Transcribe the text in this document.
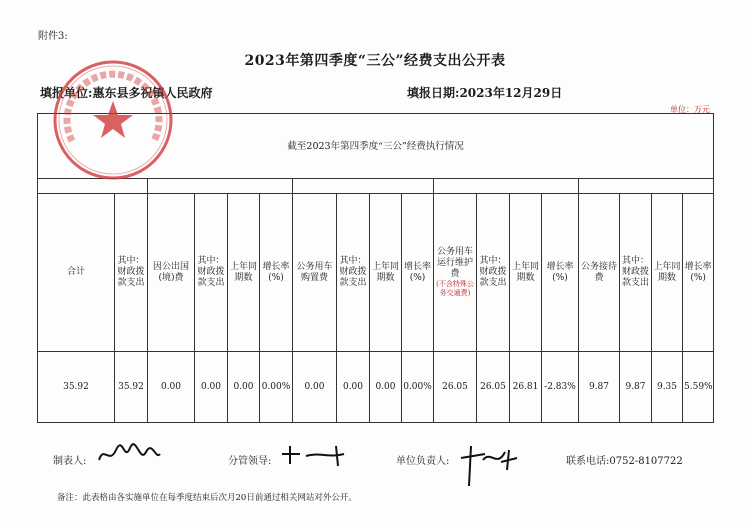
附件3:
2023年第四季度“三公”经费支出公开表
填报单位:惠东县多祝镇人民政府	填报日期:2023年12月29日
单位：万元
截至2023年第四季度“三公”经费执行情况																	

合计	其中：财政拨款支出	因公出国(境)费	其中：财政拨款支出	上年同期数	增长率(%)	公务用车购置费	其中：财政拨款支出	上年同期数	增长率(%)	公务用车运行维护费
(不含特殊公务交通费)	其中：财政拨款支出	上年同期数	增长率(%)	公务接待费	其中：财政拨款支出	上年同期数	增长率(%)
35.92	35.92	0.00	0.00	0.00	0.00%	0.00	0.00	0.00	0.00%	26.05	26.05	26.81	-2.83%	9.87	9.87	9.35	5.59%
制表人:	分管领导:	单位负责人:	联系电话:0752-8107722
备注：此表格由各实施单位在每季度结束后次月20日前通过相关网站对外公开。
